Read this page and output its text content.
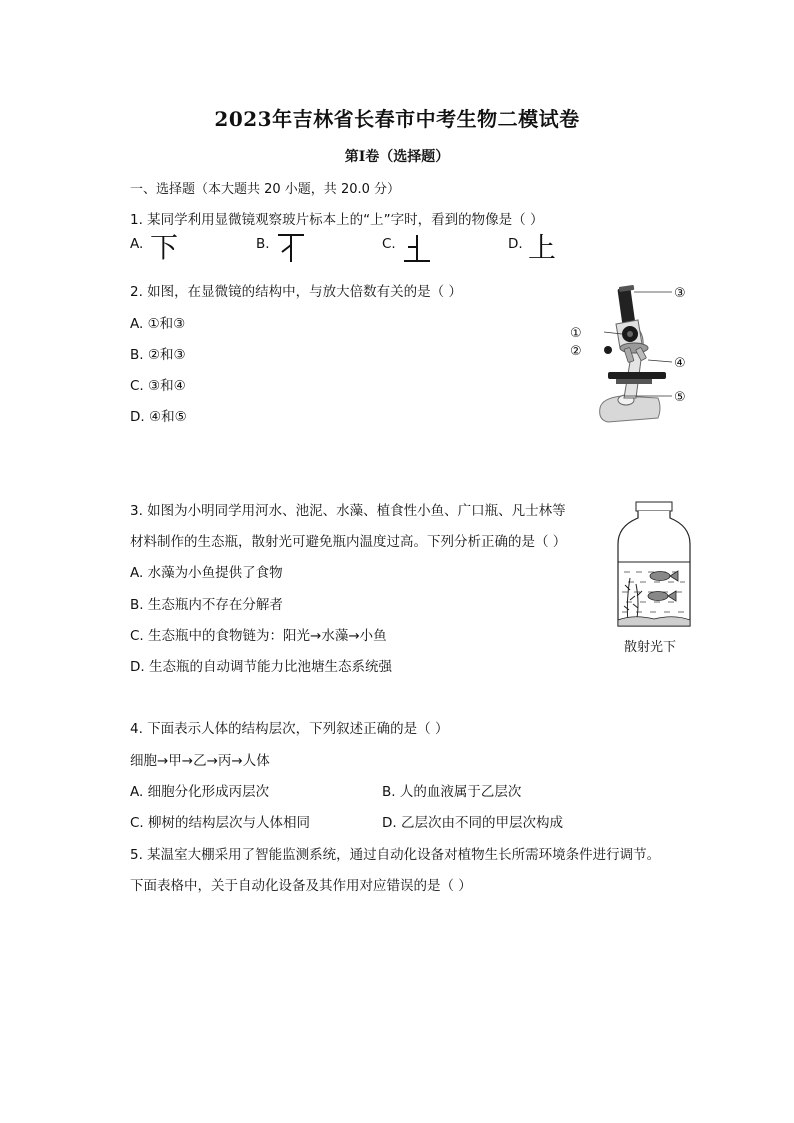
2023年吉林省长春市中考生物二模试卷
第I卷（选择题）
一、选择题（本大题共 20 小题，共 20.0 分）
1. 某同学利用显微镜观察玻片标本上的“上”字时，看到的物像是（ ）
A. 下	B.	C.	D. 上
2. 如图，在显微镜的结构中，与放大倍数有关的是（ ）
A. ①和③
B. ②和③
C. ③和④
D. ④和⑤
③
①
②
④
⑤
3. 如图为小明同学用河水、池泥、水藻、植食性小鱼、广口瓶、凡士林等
材料制作的生态瓶，散射光可避免瓶内温度过高。下列分析正确的是（ ）
A. 水藻为小鱼提供了食物
B. 生态瓶内不存在分解者
C. 生态瓶中的食物链为：阳光→水藻→小鱼
D. 生态瓶的自动调节能力比池塘生态系统强
散射光下
4. 下面表示人体的结构层次，下列叙述正确的是（ ）
细胞→甲→乙→丙→人体
A. 细胞分化形成丙层次	B. 人的血液属于乙层次
C. 柳树的结构层次与人体相同	D. 乙层次由不同的甲层次构成
5. 某温室大棚采用了智能监测系统，通过自动化设备对植物生长所需环境条件进行调节。
下面表格中，关于自动化设备及其作用对应错误的是（ ）
